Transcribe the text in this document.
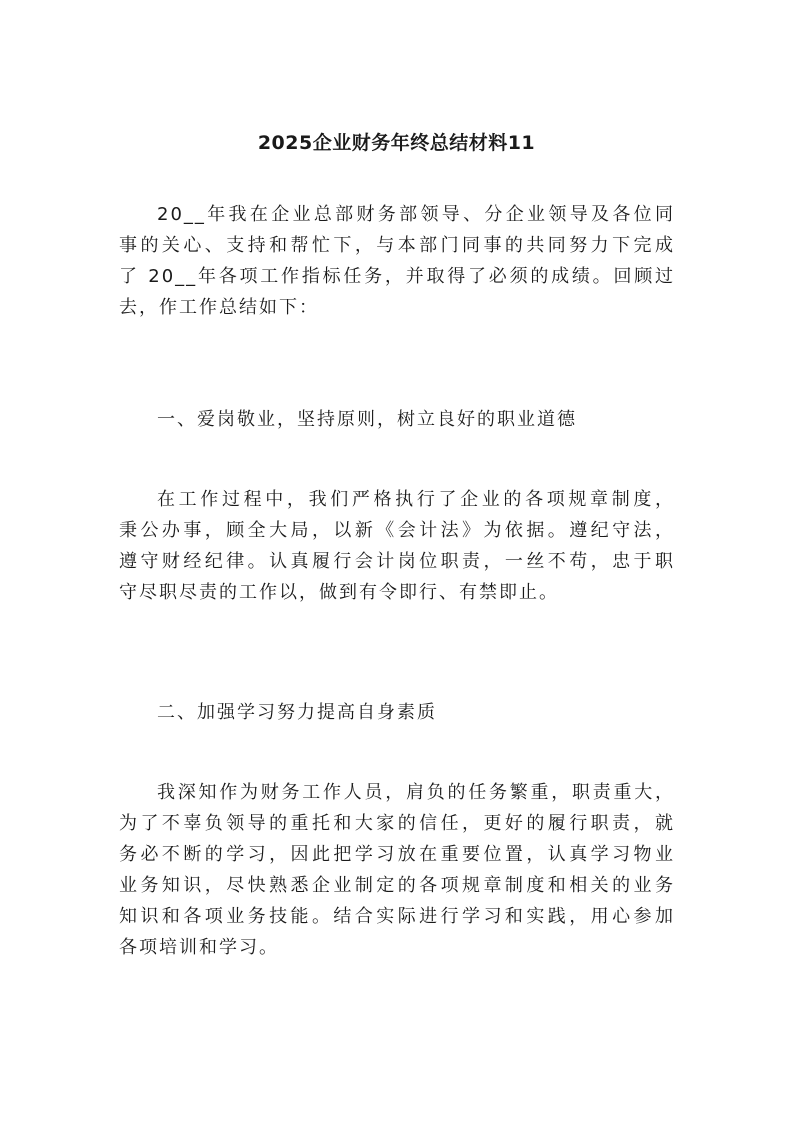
2025企业财务年终总结材料11
20__年我在企业总部财务部领导、分企业领导及各位同
事的关心、支持和帮忙下，与本部门同事的共同努力下完成
了 20__年各项工作指标任务，并取得了必须的成绩。回顾过
去，作工作总结如下：
一、爱岗敬业，坚持原则，树立良好的职业道德
在工作过程中，我们严格执行了企业的各项规章制度，
秉公办事，顾全大局，以新《会计法》为依据。遵纪守法，
遵守财经纪律。认真履行会计岗位职责，一丝不苟，忠于职
守尽职尽责的工作以，做到有令即行、有禁即止。
二、加强学习努力提高自身素质
我深知作为财务工作人员，肩负的任务繁重，职责重大，
为了不辜负领导的重托和大家的信任，更好的履行职责，就
务必不断的学习，因此把学习放在重要位置，认真学习物业
业务知识，尽快熟悉企业制定的各项规章制度和相关的业务
知识和各项业务技能。结合实际进行学习和实践，用心参加
各项培训和学习。
